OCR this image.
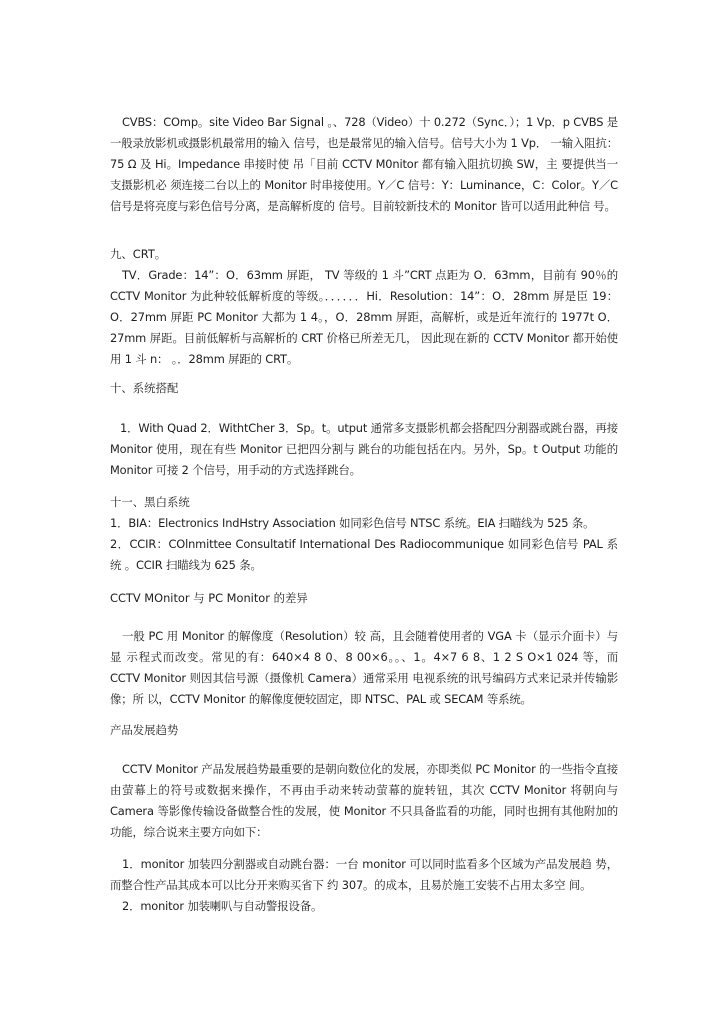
CVBS：COmp。site Video Bar Signal 。、728（Video）十 0.272（Sync．）；1 Vp．p CVBS 是一般录放影机或摄影机最常用的输入 信号，也是最常见的输入信号。信号大小为 1 Vp． 一输入阻抗：75 Ω 及 Hi。Impedance 串接时使 吊「目前 CCTV M0nitor 都有输入阻抗切换 SW，主 要提供当一支摄影机必 须连接二台以上的 Monitor 时串接使用。Y／C 信号：Y：Luminance，C：Color。Y／C 信号是将亮度与彩色信号分离，是高解析度的 信号。目前较新技术的 Monitor 皆可以适用此种信 号。

九、CRT。

TV．Grade：14”：O．63mm 屏距， TV 等级的 1 斗”CRT 点距为 O．63mm，目前有 90％的 CCTV Monitor 为此种较低解析度的等级。．．．．．．Hi．Resolution：14”：O．28mm 屏是臣 19：O．27mm 屏距 PC Monitor 大都为 1 4。，O．28mm 屏距，高解析，或是近年流行的 1977t O．27mm 屏距。目前低解析与高解析的 CRT 价格已所差无几， 因此现在新的 CCTV Monitor 都开始使用 1 斗 n： 。．28mm 屏距的 CRT。

十、系统搭配

1．With Quad 2．WithtCher 3．Sp。t。utput 通常多支摄影机都会搭配四分割器或跳台器，再接 Monitor 使用，现在有些 Monitor 已把四分割与 跳台的功能包括在内。另外，Sp。t Output 功能的 Monitor 可接 2 个信号，用手动的方式选择跳台。

十一、黑白系统

1．BIA：Electronics IndHstry Association 如同彩色信号 NTSC 系统。EIA 扫瞄线为 525 条。

2．CCIR：COlnmittee Consultatif International Des Radiocommunique 如同彩色信号 PAL 系统 。CCIR 扫瞄线为 625 条。

CCTV MOnitor 与 PC Monitor 的差异

一般 PC 用 Monitor 的解像度（Resolution）较 高，且会随着使用者的 VGA 卡（显示介面卡）与显 示程式而改变。常见的有：640×4 8 0、8 00×6。。、1。4×7 6 8、1 2 S O×1 024 等，而 CCTV Monitor 则因其信号源（摄像机 Camera）通常采用 电视系统的讯号编码方式来记录并传输影像；所 以，CCTV Monitor 的解像度便较固定，即 NTSC、PAL 或 SECAM 等系统。

产品发展趋势

CCTV Monitor 产品发展趋势最重要的是朝向数位化的发展，亦即类似 PC Monitor 的一些指令直接由萤幕上的符号或数据来操作，不再由手动来转动萤幕的旋转钮，其次 CCTV Monitor 将朝向与 Camera 等影像传输设备做整合性的发展，使 Monitor 不只具备监看的功能，同时也拥有其他附加的功能，综合说来主要方向如下：

1．monitor 加装四分割器或自动跳台器：一台 monitor 可以同时监看多个区域为产品发展趋 势，而整合性产品其成本可以比分开来购买省下 约 307。的成本，且易於施工安装不占用太多空 间。

2．monitor 加装喇叭与自动警报设备。
